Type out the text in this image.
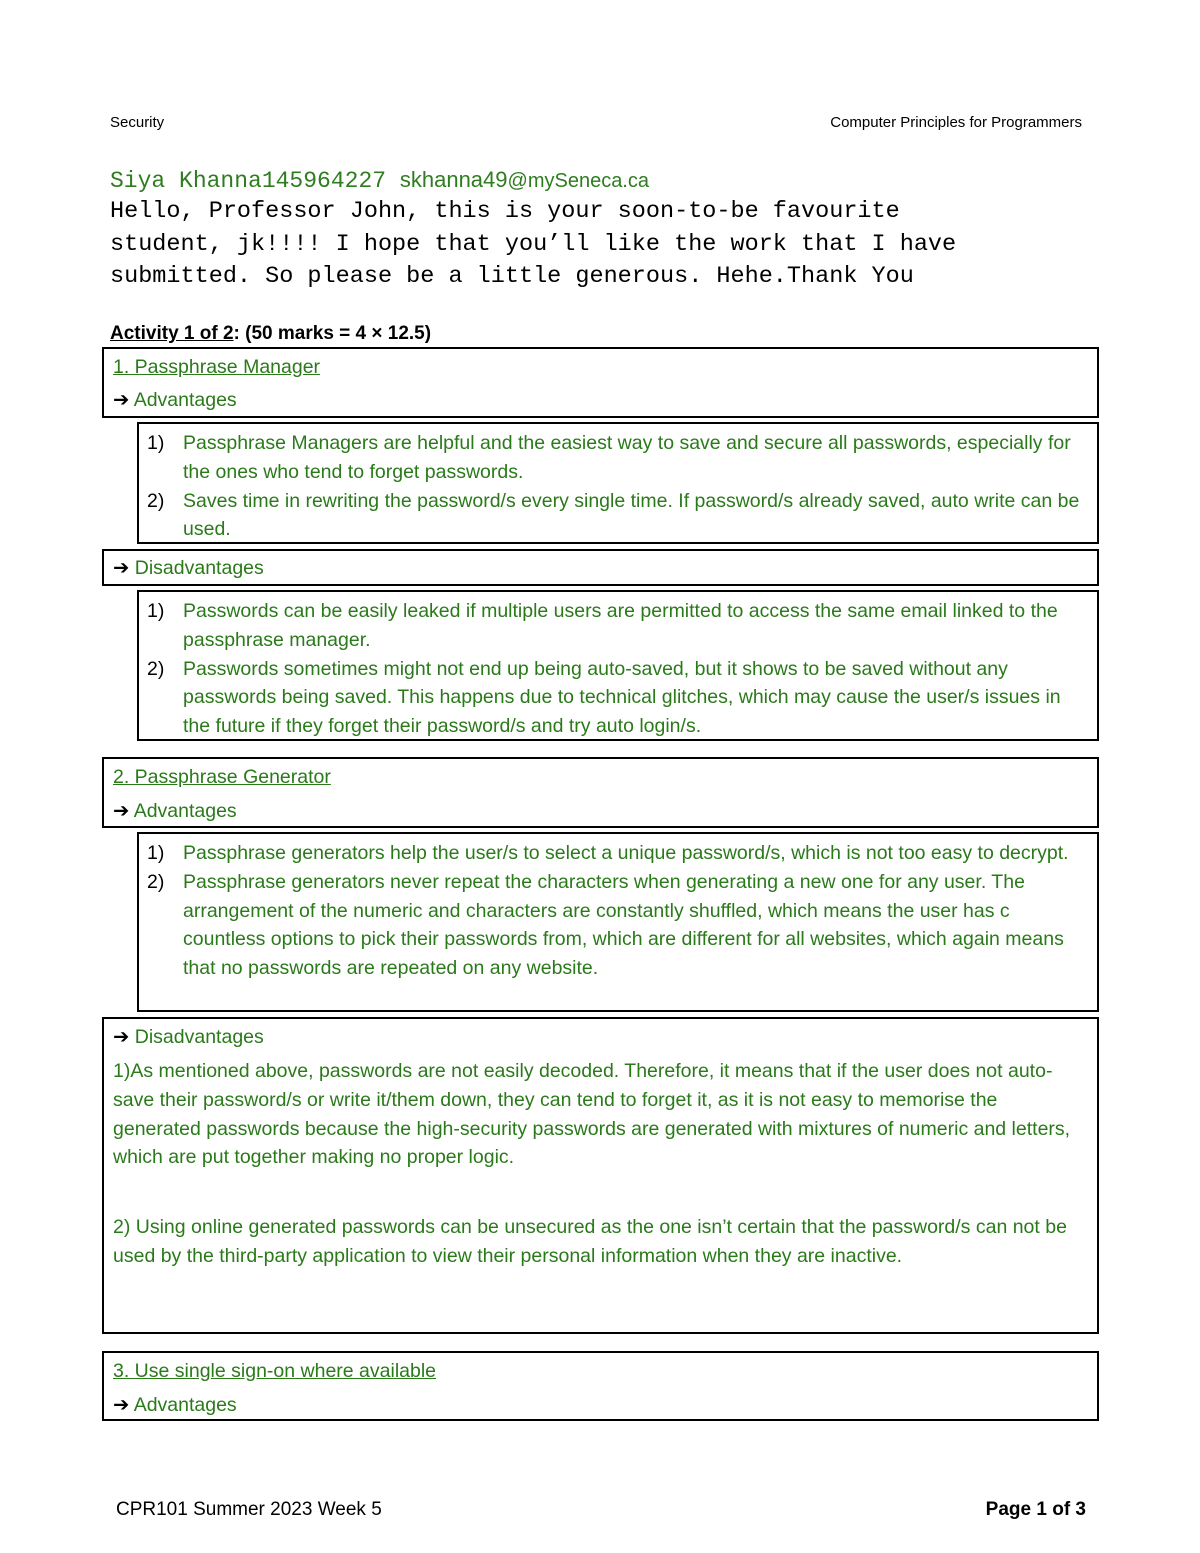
Security	Computer Principles for Programmers
Siya Khanna145964227 skhanna49@mySeneca.ca
Hello, Professor John, this is your soon-to-be favourite
student, jk!!!! I hope that you’ll like the work that I have
submitted. So please be a little generous. Hehe.Thank You
Activity 1 of 2: (50 marks = 4 × 12.5)
1. Passphrase Manager
➔ Advantages
1) Passphrase Managers are helpful and the easiest way to save and secure all passwords, especially for the ones who tend to forget passwords.
2) Saves time in rewriting the password/s every single time. If password/s already saved, auto write can be used.
➔ Disadvantages
1) Passwords can be easily leaked if multiple users are permitted to access the same email linked to the passphrase manager.
2) Passwords sometimes might not end up being auto-saved, but it shows to be saved without any passwords being saved. This happens due to technical glitches, which may cause the user/s issues in the future if they forget their password/s and try auto login/s.
2. Passphrase Generator
➔ Advantages
1) Passphrase generators help the user/s to select a unique password/s, which is not too easy to decrypt.
2) Passphrase generators never repeat the characters when generating a new one for any user. The arrangement of the numeric and characters are constantly shuffled, which means the user has c countless options to pick their passwords from, which are different for all websites, which again means that no passwords are repeated on any website.
➔ Disadvantages
1)As mentioned above, passwords are not easily decoded. Therefore, it means that if the user does not auto-save their password/s or write it/them down, they can tend to forget it, as it is not easy to memorise the generated passwords because the high-security passwords are generated with mixtures of numeric and letters, which are put together making no proper logic.
2) Using online generated passwords can be unsecured as the one isn’t certain that the password/s can not be used by the third-party application to view their personal information when they are inactive.
3. Use single sign-on where available
➔ Advantages
CPR101 Summer 2023 Week 5	Page 1 of 3
